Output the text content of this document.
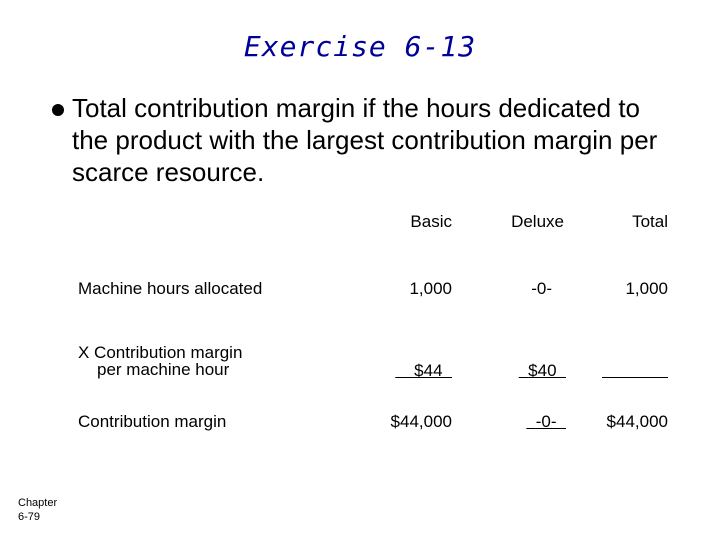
Exercise 6-13
Total contribution margin if the hours dedicated to the product with the largest contribution margin per scarce resource.
Basic	Deluxe	Total
Machine hours allocated	1,000	-0-	1,000
X Contribution margin
per machine hour	$44	$40
Contribution margin	$44,000	-0-	$44,000
Chapter
6-79
